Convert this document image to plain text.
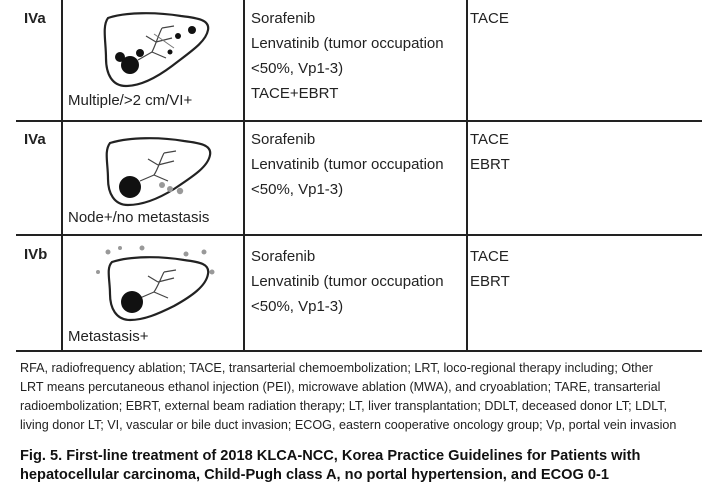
IVa
Multiple/>2 cm/VI+
Sorafenib
Lenvatinib (tumor occupation
<50%, Vp1-3)
TACE+EBRT
TACE
IVa
Node+/no metastasis
Sorafenib
Lenvatinib (tumor occupation
<50%, Vp1-3)
TACE
EBRT
IVb
Metastasis+
Sorafenib
Lenvatinib (tumor occupation
<50%, Vp1-3)
TACE
EBRT
RFA, radiofrequency ablation; TACE, transarterial chemoembolization; LRT, loco-regional therapy including; Other
LRT means percutaneous ethanol injection (PEI), microwave ablation (MWA), and cryoablation; TARE, transarterial
radioembolization; EBRT, external beam radiation therapy; LT, liver transplantation; DDLT, deceased donor LT; LDLT,
living donor LT; VI, vascular or bile duct invasion; ECOG, eastern cooperative oncology group; Vp, portal vein invasion
Fig. 5. First-line treatment of 2018 KLCA-NCC, Korea Practice Guidelines for Patients with
hepatocellular carcinoma, Child-Pugh class A, no portal hypertension, and ECOG 0-1
